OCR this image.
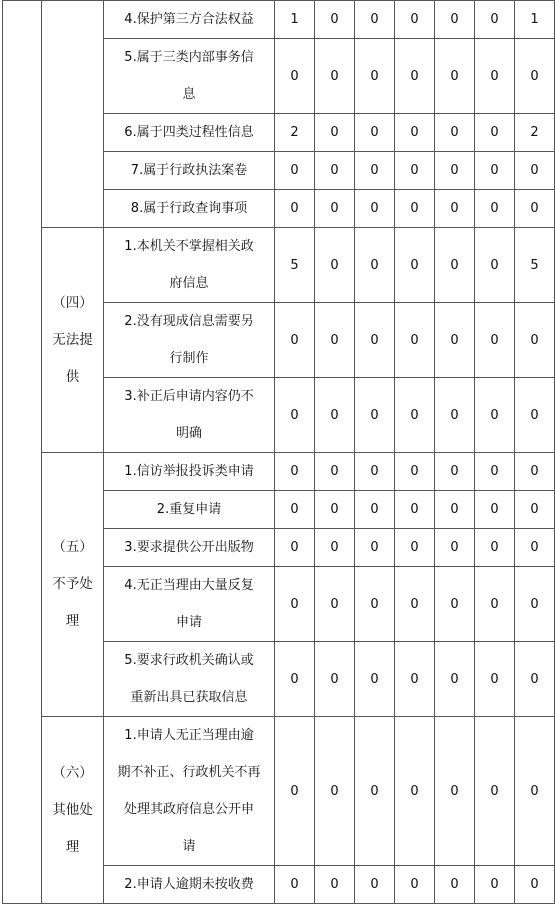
		4.保护第三方合法权益	1	0	0	0	0	0	1

		5.属于三类内部事务信
息	0	0	0	0	0	0	0

		6.属于四类过程性信息	2	0	0	0	0	0	2

		7.属于行政执法案卷	0	0	0	0	0	0	0

		8.属于行政查询事项	0	0	0	0	0	0	0

	（四）
无法提
供	1.本机关不掌握相关政
府信息	5	0	0	0	0	0	5

		2.没有现成信息需要另
行制作	0	0	0	0	0	0	0

		3.补正后申请内容仍不
明确	0	0	0	0	0	0	0

	（五）
不予处
理	1.信访举报投诉类申请	0	0	0	0	0	0	0

		2.重复申请	0	0	0	0	0	0	0

		3.要求提供公开出版物	0	0	0	0	0	0	0

		4.无正当理由大量反复
申请	0	0	0	0	0	0	0

		5.要求行政机关确认或
重新出具已获取信息	0	0	0	0	0	0	0

	（六）
其他处
理	1.申请人无正当理由逾
期不补正、行政机关不再
处理其政府信息公开申
请	0	0	0	0	0	0	0

		2.申请人逾期未按收费	0	0	0	0	0	0	0
